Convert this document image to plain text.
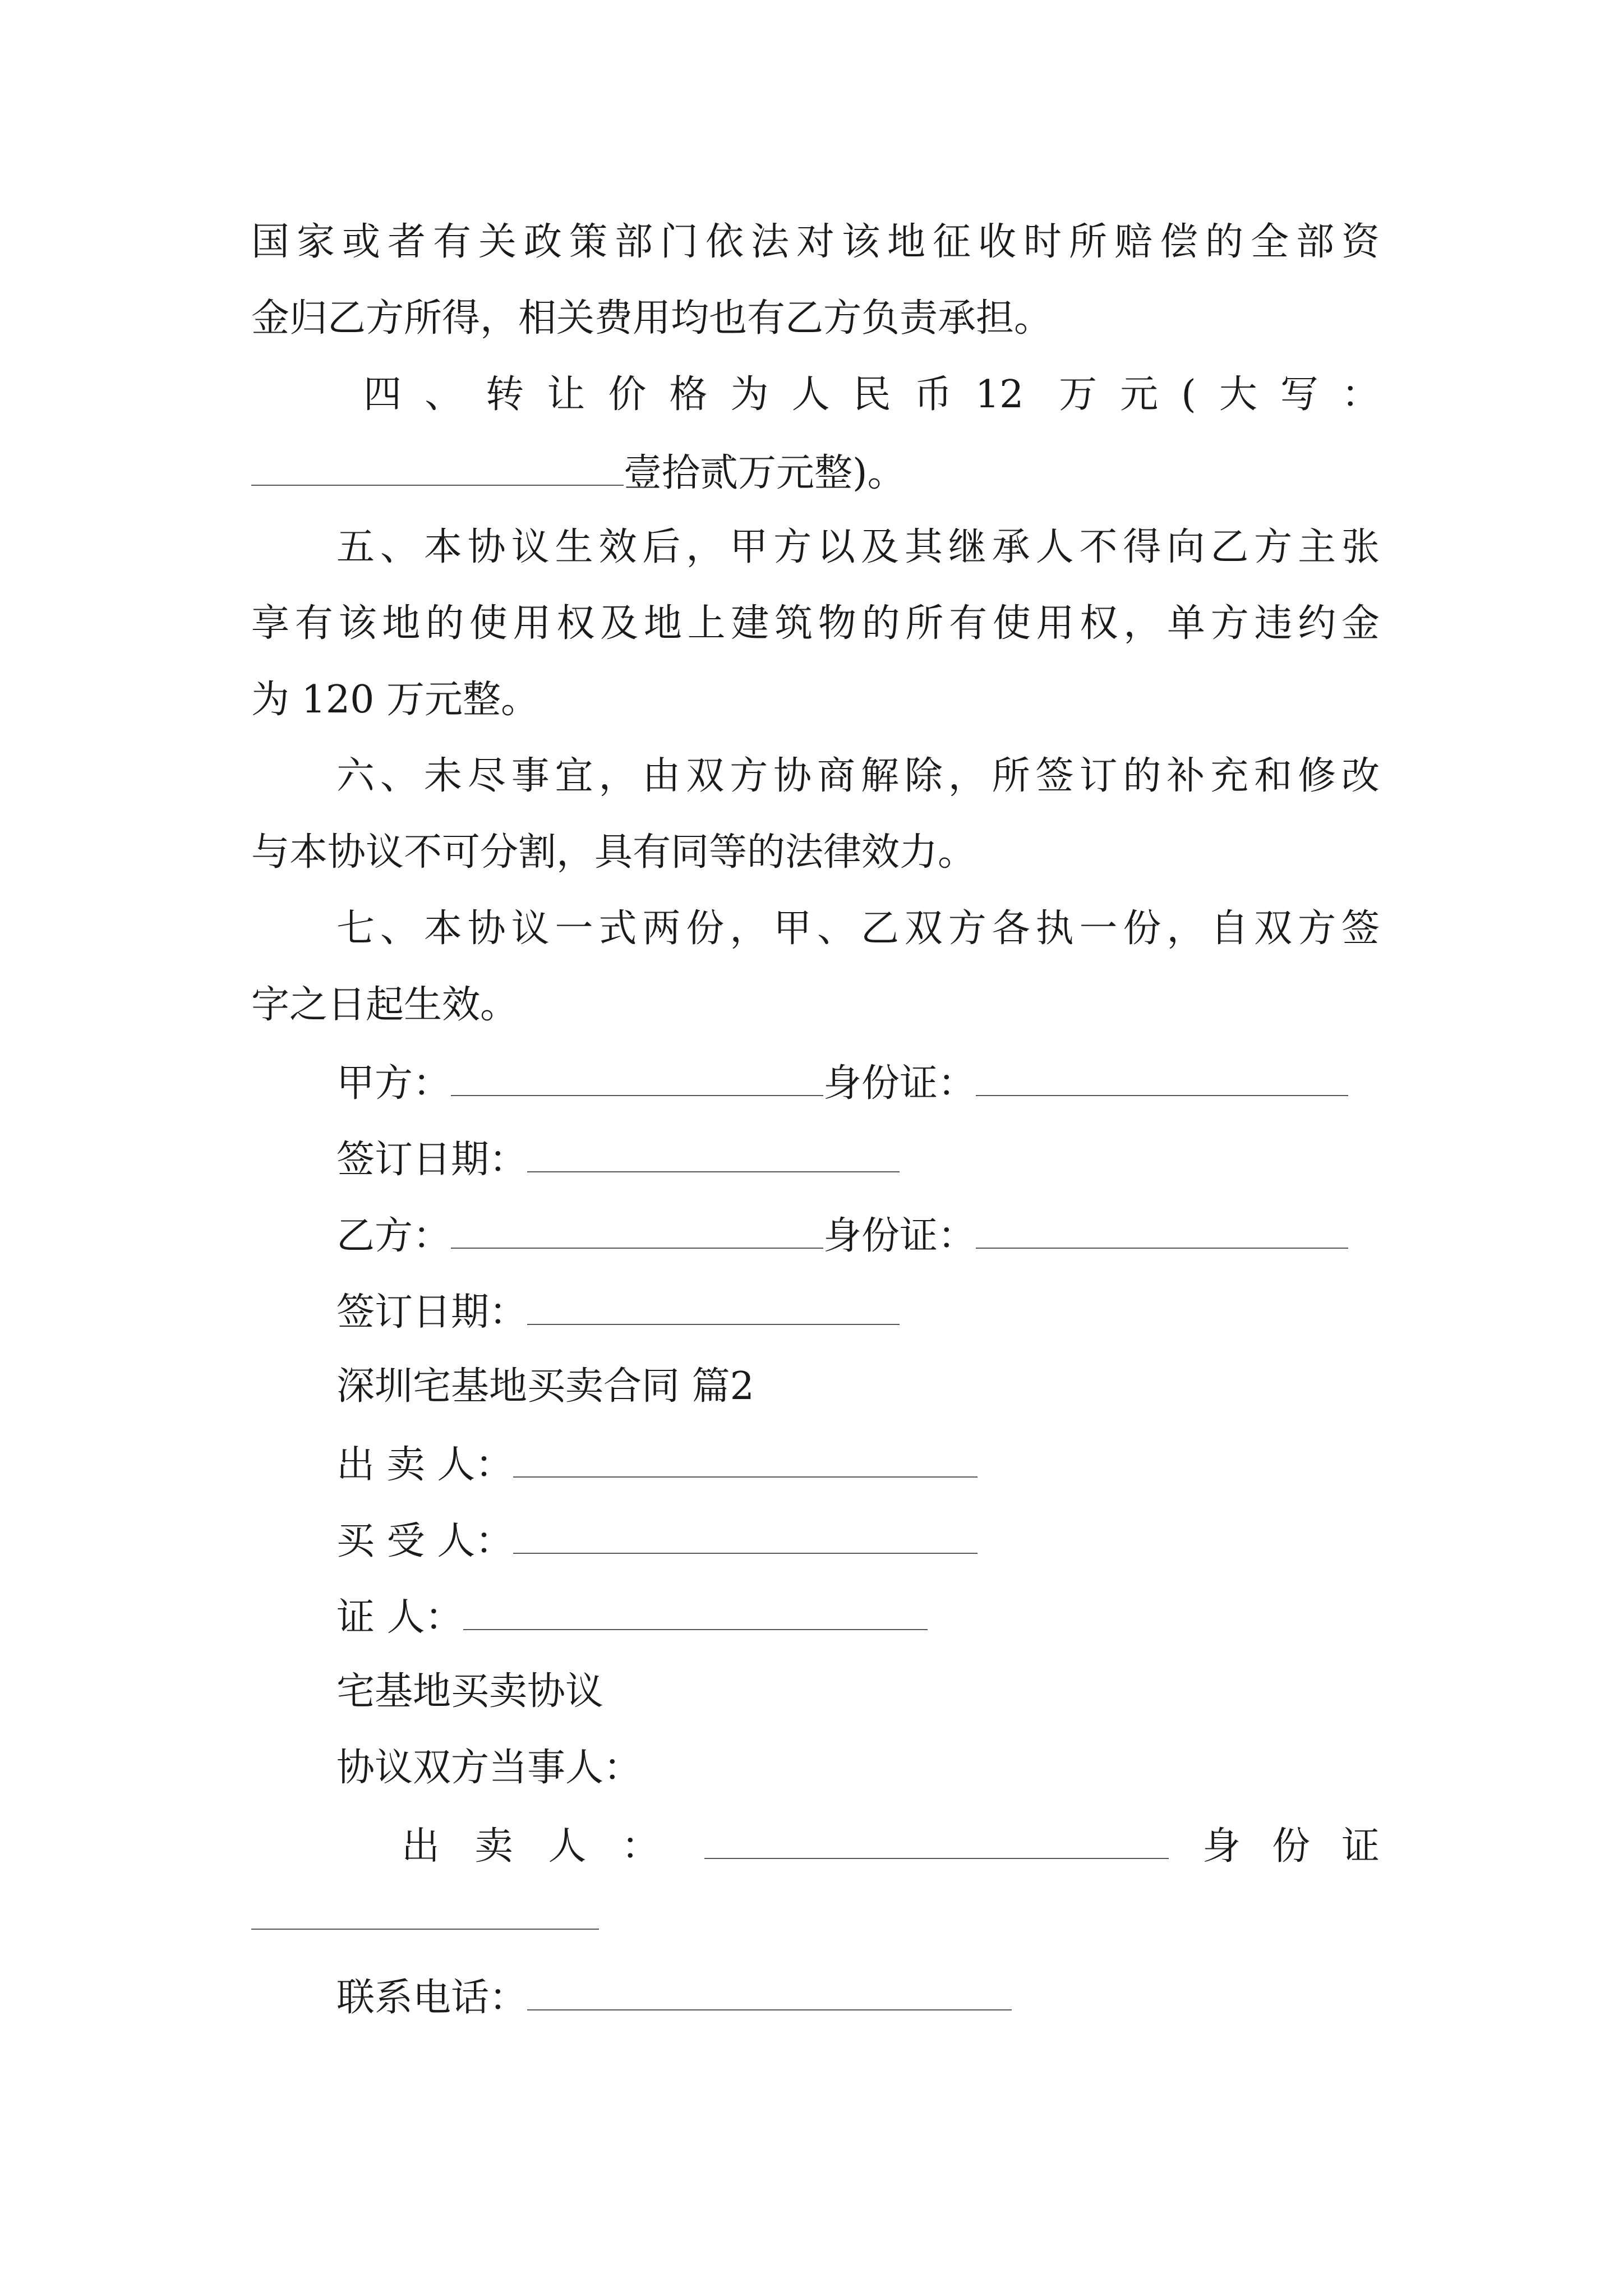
国家或者有关政策部门依法对该地征收时所赔偿的全部资
金归乙方所得，相关费用均也有乙方负责承担。
四、转让价格为人民币12 万元(大写：
壹拾贰万元整)。
五、本协议生效后，甲方以及其继承人不得向乙方主张
享有该地的使用权及地上建筑物的所有使用权，单方违约金
为 120 万元整。
六、未尽事宜，由双方协商解除，所签订的补充和修改
与本协议不可分割，具有同等的法律效力。
七、本协议一式两份，甲、乙双方各执一份，自双方签
字之日起生效。
甲方：	身份证：
签订日期：
乙方：	身份证：
签订日期：
深圳宅基地买卖合同 篇2
出 卖 人：
买 受 人：
证 人：
宅基地买卖协议
协议双方当事人：
出卖人：	身份证
联系电话：
